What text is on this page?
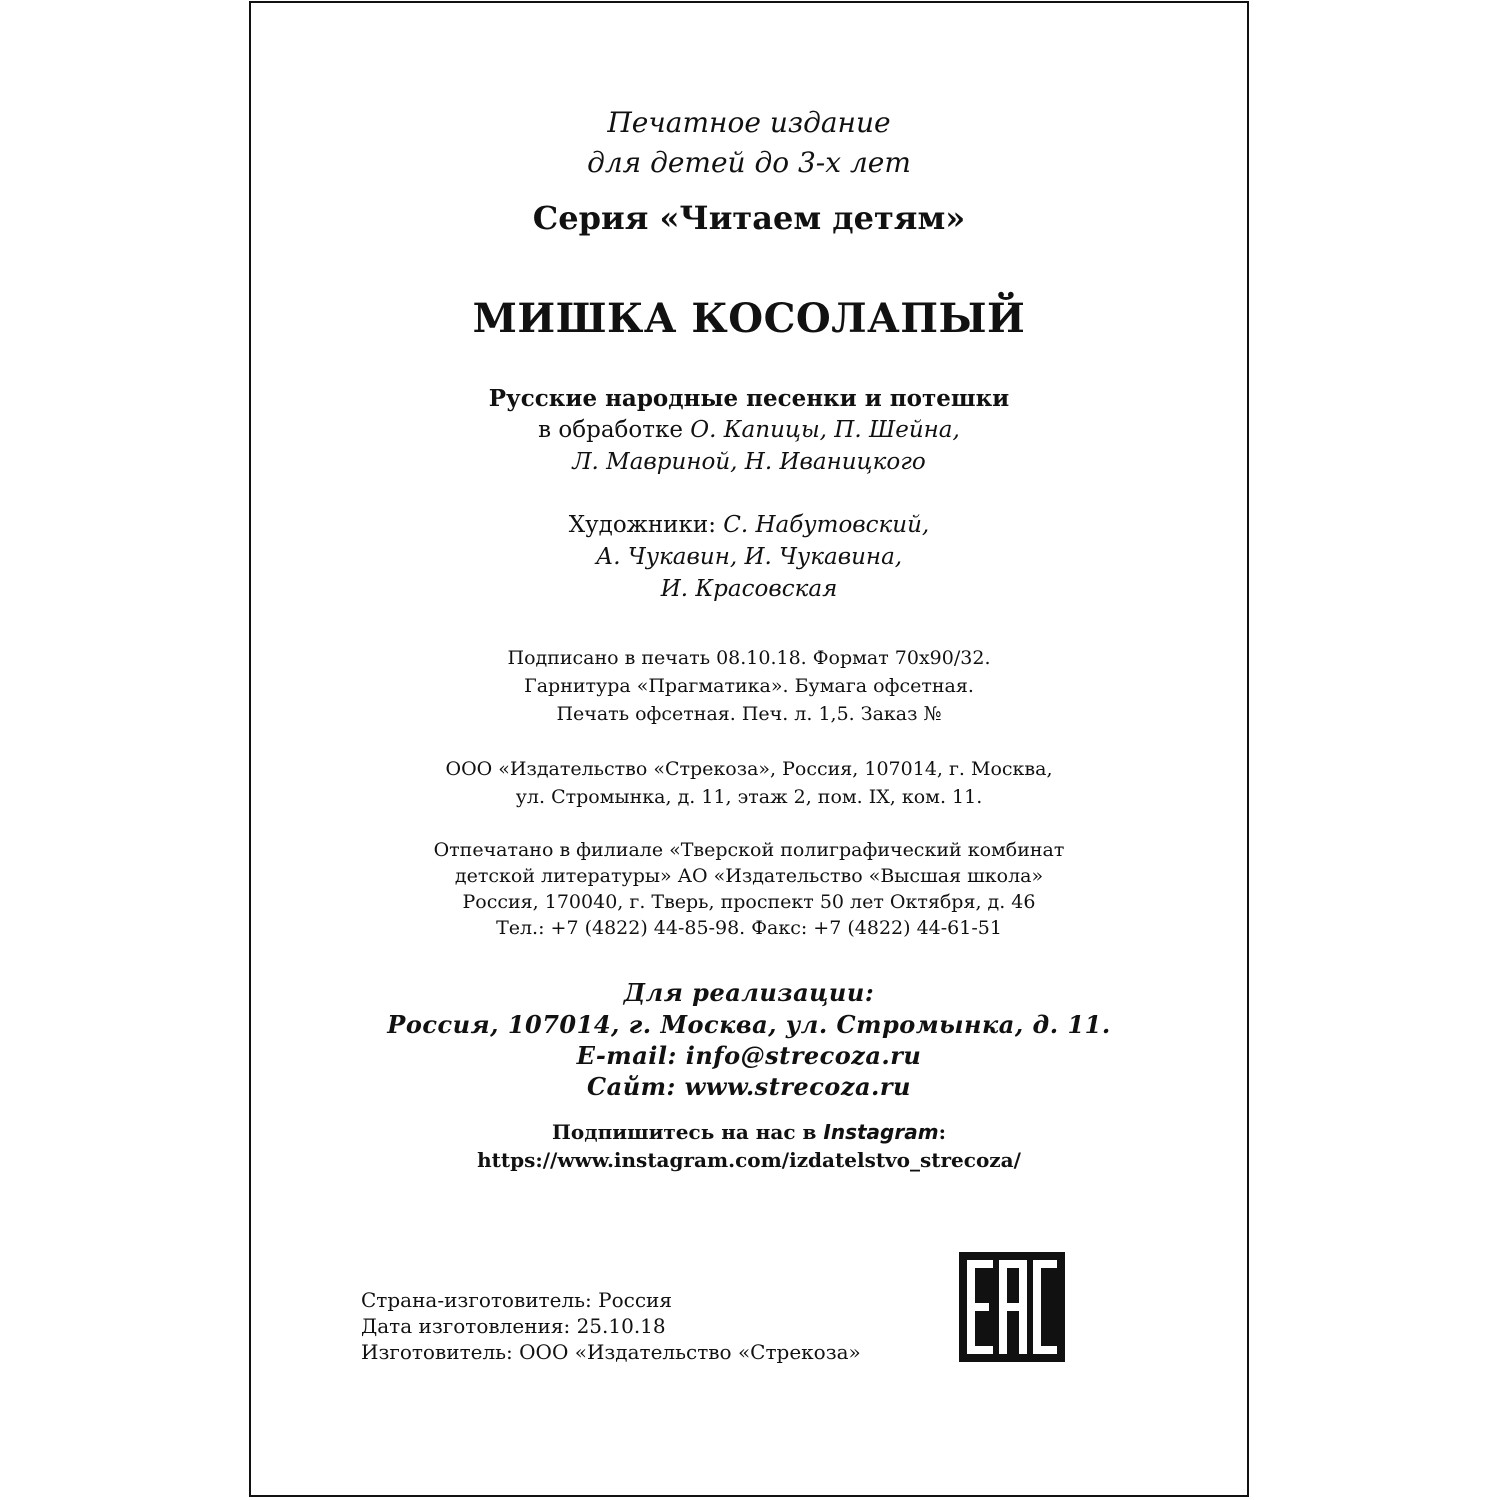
Печатное издание
для детей до 3-х лет
Серия «Читаем детям»
МИШКА КОСОЛАПЫЙ
Русские народные песенки и потешки
в обработке О. Капицы, П. Шейна,
Л. Мавриной, Н. Иваницкого
Художники: С. Набутовский,
А. Чукавин, И. Чукавина,
И. Красовская
Подписано в печать 08.10.18. Формат 70х90/32.
Гарнитура «Прагматика». Бумага офсетная.
Печать офсетная. Печ. л. 1,5. Заказ №
ООО «Издательство «Стрекоза», Россия, 107014, г. Москва,
ул. Стромынка, д. 11, этаж 2, пом. IX, ком. 11.
Отпечатано в филиале «Тверской полиграфический комбинат
детской литературы» АО «Издательство «Высшая школа»
Россия, 170040, г. Тверь, проспект 50 лет Октября, д. 46
Тел.: +7 (4822) 44-85-98. Факс: +7 (4822) 44-61-51
Для реализации:
Россия, 107014, г. Москва, ул. Стромынка, д. 11.
E-mail: info@strecoza.ru
Сайт: www.strecoza.ru
Подпишитесь на нас в Instagram:
https://www.instagram.com/izdatelstvo_strecoza/
Страна-изготовитель: Россия
Дата изготовления: 25.10.18
Изготовитель: ООО «Издательство «Стрекоза»
